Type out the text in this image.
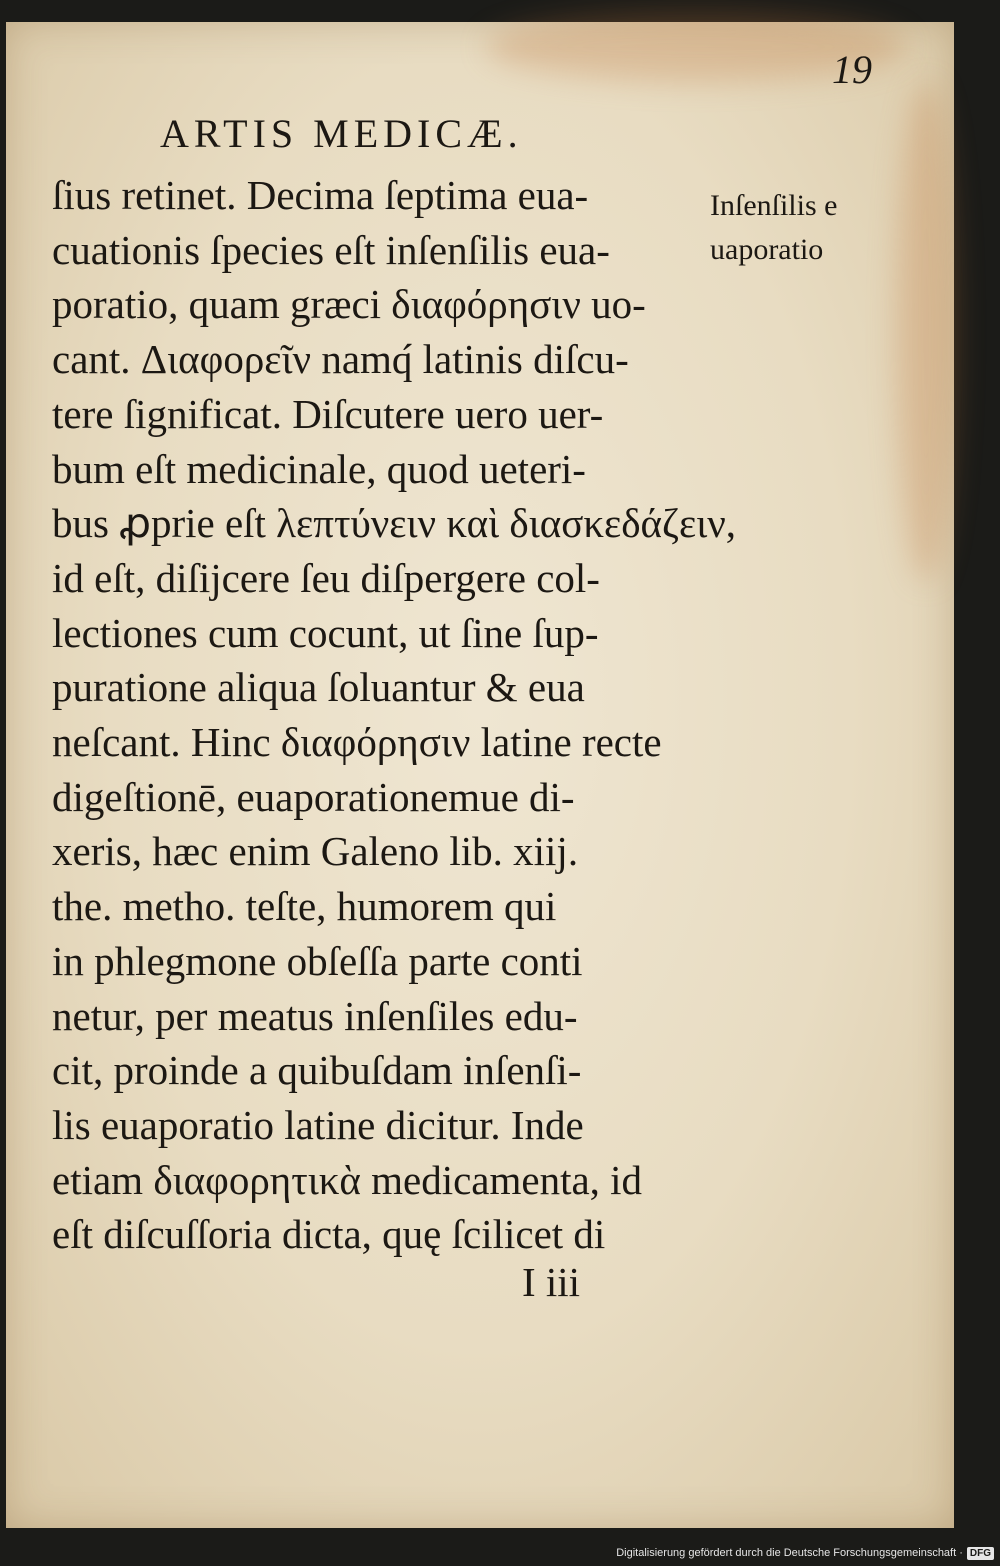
19
ARTIS MEDICÆ.
ſius retinet. Decima ſeptima eua-
cuationis ſpecies eſt inſenſilis eua-
poratio, quam græci διαφόρησιν uo-
cant. Διαφορεῖν namq́ latinis diſcu-
tere ſignificat. Diſcutere uero uer-
bum eſt medicinale, quod ueteri-
bus ꝓprie eſt λεπτύνειν καὶ διασκεδάζειν,
id eſt, diſijcere ſeu diſpergere col-
lectiones cum cocunt, ut ſine ſup-
puratione aliqua ſoluantur & eua
neſcant. Hinc διαφόρησιν latine recte
digeſtionē, euaporationemue di-
xeris, hæc enim Galeno lib. xiij.
the. metho. teſte, humorem qui
in phlegmone obſeſſa parte conti
netur, per meatus inſenſiles edu-
cit, proinde a quibuſdam inſenſi-
lis euaporatio latine dicitur. Inde
etiam διαφορητικὰ medicamenta, id
eſt diſcuſſoria dicta, quę ſcilicet di
Inſenſilis e
uaporatio
I iii
Digitalisierung gefördert durch die Deutsche Forschungsgemeinschaft · DFG
